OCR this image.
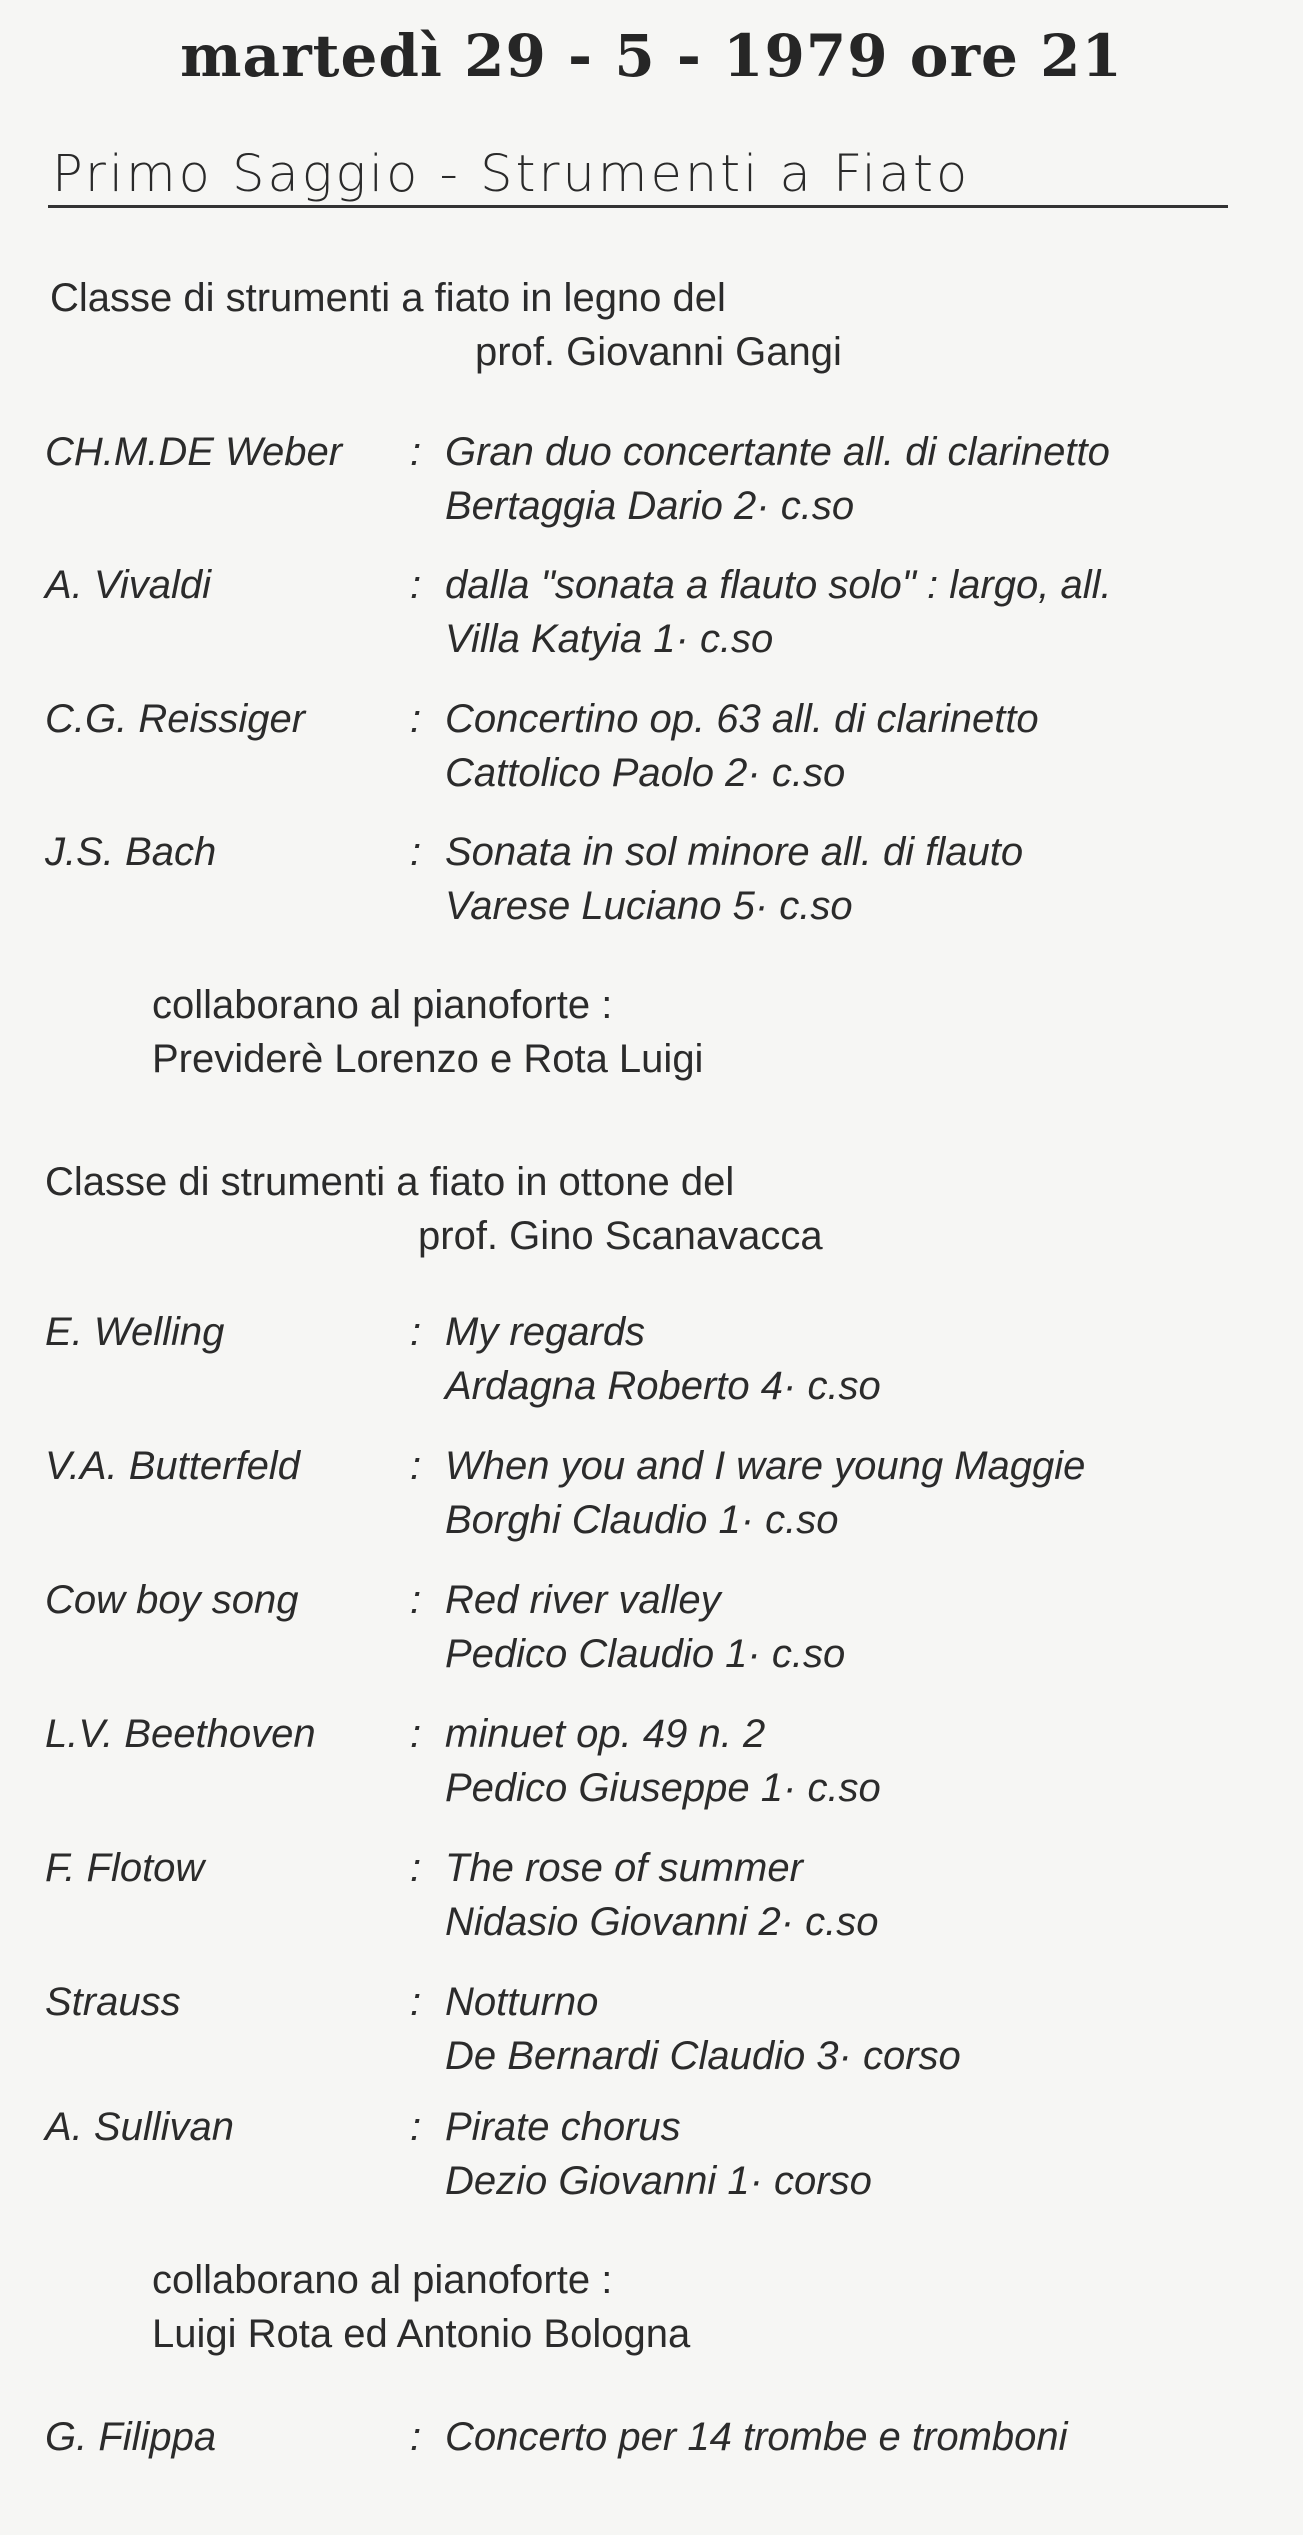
martedì 29 - 5 - 1979 ore 21
Primo Saggio - Strumenti a Fiato
Classe di strumenti a fiato in legno del
prof. Giovanni Gangi
CH.M.DE Weber : Gran duo concertante all. di clarinetto
Bertaggia Dario 2· c.so
A. Vivaldi	: dalla "sonata a flauto solo" : largo, all.
Villa Katyia 1· c.so
C.G. Reissiger	: Concertino op. 63 all. di clarinetto
Cattolico Paolo 2· c.so
J.S. Bach	: Sonata in sol minore all. di flauto
Varese Luciano 5· c.so
collaborano al pianoforte :
Previderè Lorenzo e Rota Luigi
Classe di strumenti a fiato in ottone del
prof. Gino Scanavacca
E. Welling	: My regards
Ardagna Roberto 4· c.so
V.A. Butterfeld	: When you and I ware young Maggie
Borghi Claudio 1· c.so
Cow boy song	: Red river valley
Pedico Claudio 1· c.so
L.V. Beethoven : minuet op. 49 n. 2
Pedico Giuseppe 1· c.so
F. Flotow	: The rose of summer
Nidasio Giovanni 2· c.so
Strauss	: Notturno
De Bernardi Claudio 3· corso
A. Sullivan	: Pirate chorus
Dezio Giovanni 1· corso
collaborano al pianoforte :
Luigi Rota ed Antonio Bologna
G. Filippa	: Concerto per 14 trombe e tromboni
